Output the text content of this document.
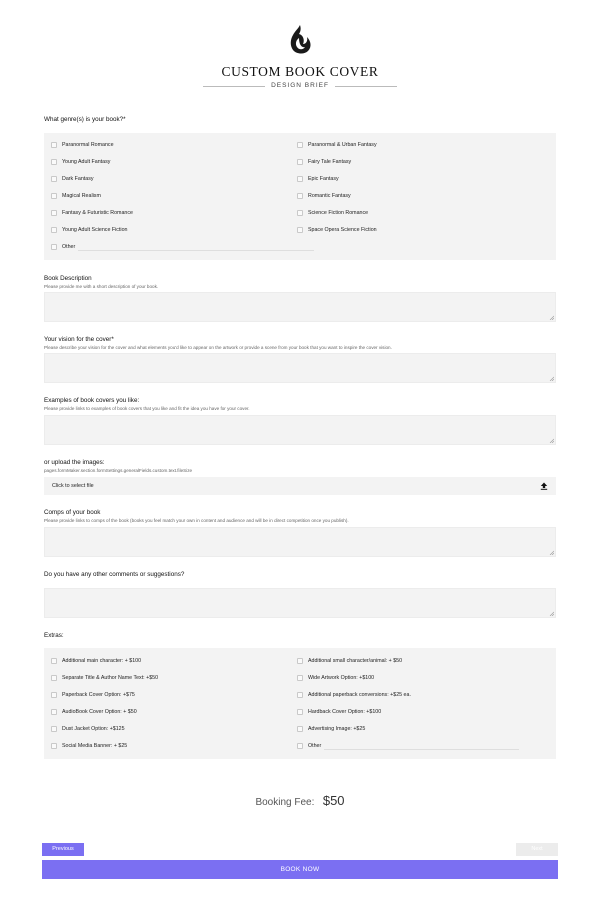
CUSTOM BOOK COVER
DESIGN BRIEF
What genre(s) is your book?*
Paranormal Romance
Young Adult Fantasy
Dark Fantasy
Magical Realism
Fantasy & Futuristic Romance
Young Adult Science Fiction
Other
Paranormal & Urban Fantasy
Fairy Tale Fantasy
Epic Fantasy
Romantic Fantasy
Science Fiction Romance
Space Opera Science Fiction
Book Description
Please provide me with a short description of your book.
Your vision for the cover*
Please describe your vision for the cover and what elements you'd like to appear on the artwork or provide a scene from your book that you want to inspire the cover vision.
Examples of book covers you like:
Please provide links to examples of book covers that you like and fit the idea you have for your cover.
or upload the images:
pages.formMaker.section.formSettings.generalFields.custom.text.fileSize
Click to select file
Comps of your book
Please provide links to comps of the book (books you feel match your own in content and audience and will be in direct competition once you publish).
Do you have any other comments or suggestions?
Extras:
Additional main character: + $100
Separate Title & Author Name Text: +$50
Paperback Cover Option: +$75
AudioBook Cover Option: + $50
Dust Jacket Option: +$125
Social Media Banner: + $25
Additional small character/animal: + $50
Wide Artwork Option: +$100
Additional paperback conversions: +$25 ea.
Hardback Cover Option: +$100
Advertising Image: +$25
Other
Booking Fee: $50
Previous	Next
BOOK NOW
